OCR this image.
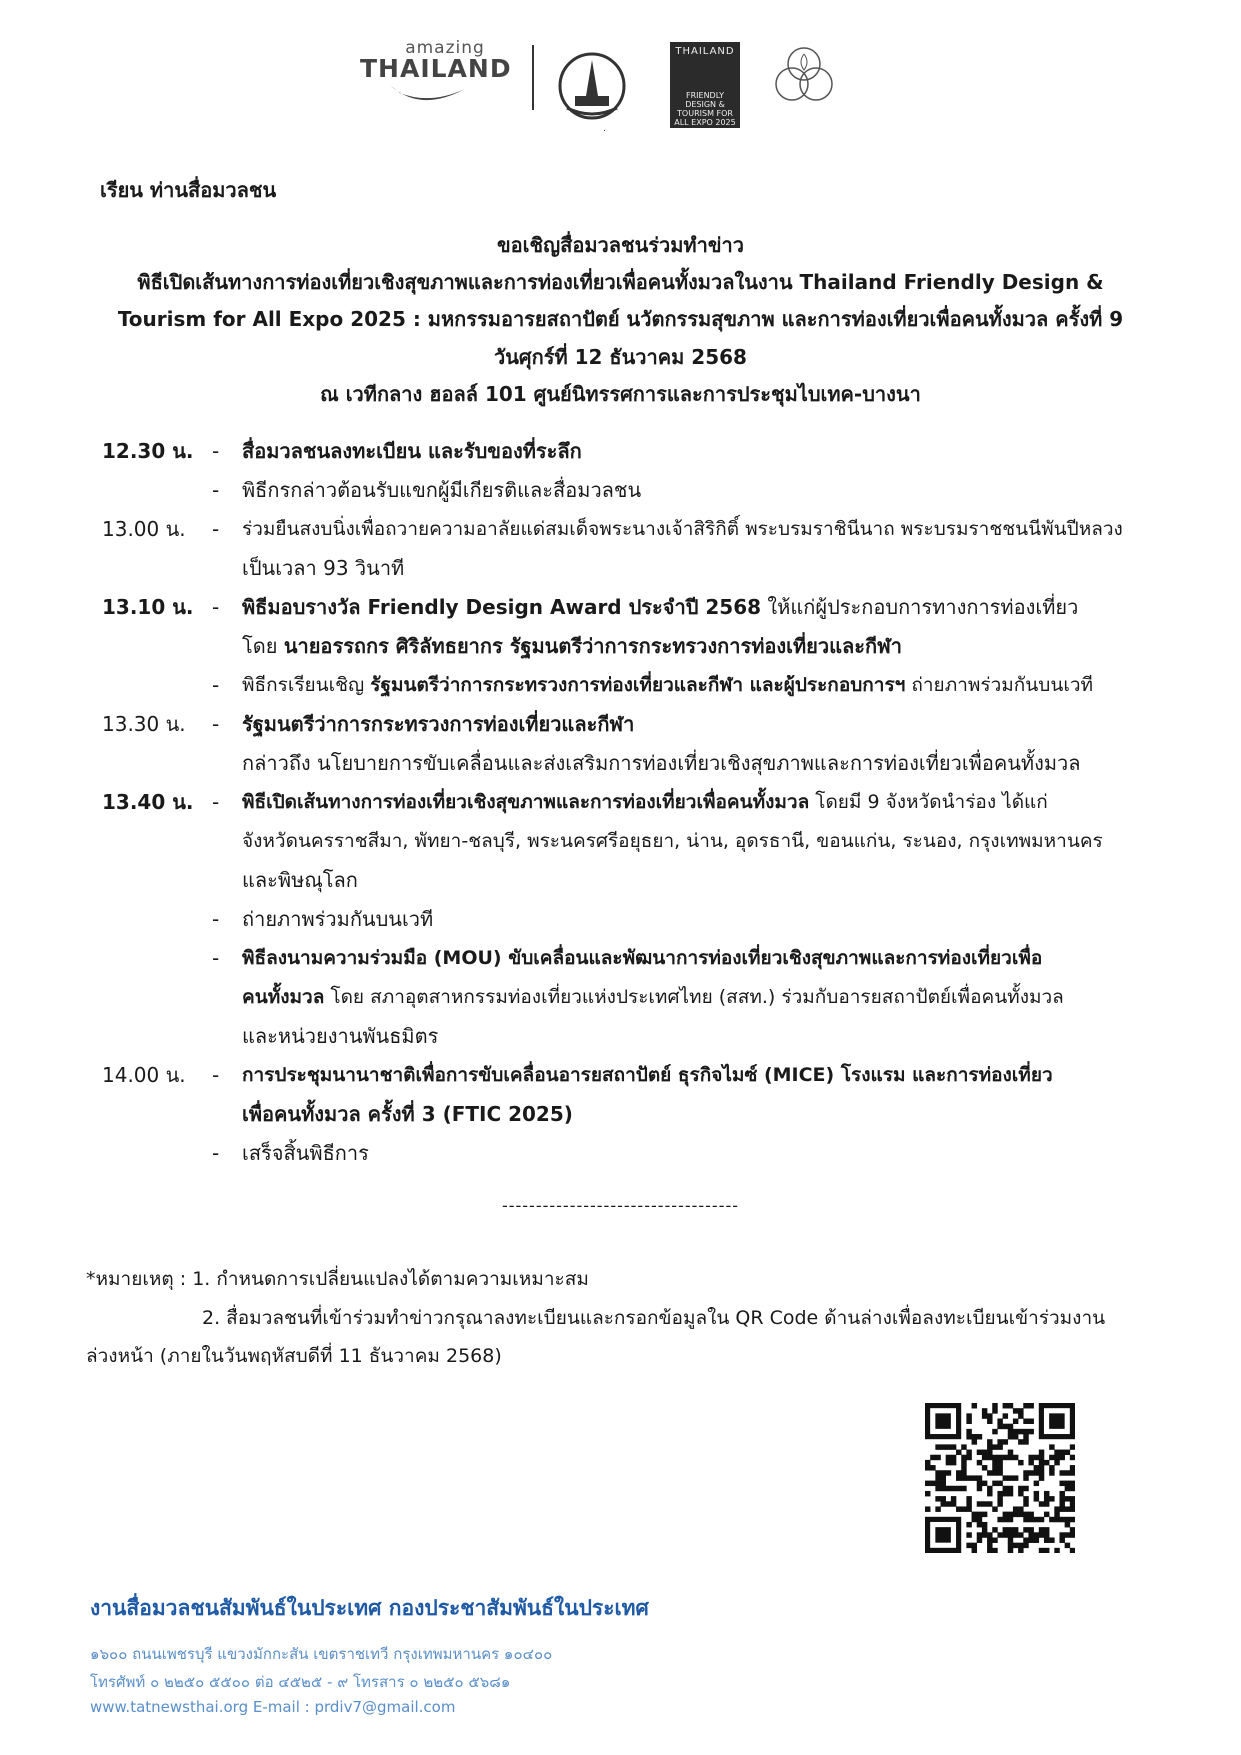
amazing
THAILAND
THAILAND
FRIENDLY DESIGN & TOURISM FOR ALL EXPO 2025
.
เรียน ท่านสื่อมวลชน
ขอเชิญสื่อมวลชนร่วมทำข่าว
พิธีเปิดเส้นทางการท่องเที่ยวเชิงสุขภาพและการท่องเที่ยวเพื่อคนทั้งมวลในงาน Thailand Friendly Design &
Tourism for All Expo 2025 : มหกรรมอารยสถาปัตย์ นวัตกรรมสุขภาพ และการท่องเที่ยวเพื่อคนทั้งมวล ครั้งที่ 9
วันศุกร์ที่ 12 ธันวาคม 2568
ณ เวทีกลาง ฮอลล์ 101 ศูนย์นิทรรศการและการประชุมไบเทค-บางนา
12.30 น. - สื่อมวลชนลงทะเบียน และรับของที่ระลึก
- พิธีกรกล่าวต้อนรับแขกผู้มีเกียรติและสื่อมวลชน
13.00 น. - ร่วมยืนสงบนิ่งเพื่อถวายความอาลัยแด่สมเด็จพระนางเจ้าสิริกิติ์ พระบรมราชินีนาถ พระบรมราชชนนีพันปีหลวง
เป็นเวลา 93 วินาที
13.10 น. - พิธีมอบรางวัล Friendly Design Award ประจำปี 2568 ให้แก่ผู้ประกอบการทางการท่องเที่ยว
โดย นายอรรถกร ศิริลัทธยากร รัฐมนตรีว่าการกระทรวงการท่องเที่ยวและกีฬา
- พิธีกรเรียนเชิญ รัฐมนตรีว่าการกระทรวงการท่องเที่ยวและกีฬา และผู้ประกอบการฯ ถ่ายภาพร่วมกันบนเวที
13.30 น. - รัฐมนตรีว่าการกระทรวงการท่องเที่ยวและกีฬา
กล่าวถึง นโยบายการขับเคลื่อนและส่งเสริมการท่องเที่ยวเชิงสุขภาพและการท่องเที่ยวเพื่อคนทั้งมวล
13.40 น. - พิธีเปิดเส้นทางการท่องเที่ยวเชิงสุขภาพและการท่องเที่ยวเพื่อคนทั้งมวล โดยมี 9 จังหวัดนำร่อง ได้แก่
จังหวัดนครราชสีมา, พัทยา-ชลบุรี, พระนครศรีอยุธยา, น่าน, อุดรธานี, ขอนแก่น, ระนอง, กรุงเทพมหานคร
และพิษณุโลก
- ถ่ายภาพร่วมกันบนเวที
- พิธีลงนามความร่วมมือ (MOU) ขับเคลื่อนและพัฒนาการท่องเที่ยวเชิงสุขภาพและการท่องเที่ยวเพื่อ
คนทั้งมวล โดย สภาอุตสาหกรรมท่องเที่ยวแห่งประเทศไทย (สสท.) ร่วมกับอารยสถาปัตย์เพื่อคนทั้งมวล
และหน่วยงานพันธมิตร
14.00 น. - การประชุมนานาชาติเพื่อการขับเคลื่อนอารยสถาปัตย์ ธุรกิจไมซ์ (MICE) โรงแรม และการท่องเที่ยว
เพื่อคนทั้งมวล ครั้งที่ 3 (FTIC 2025)
- เสร็จสิ้นพิธีการ
-----------------------------------
*หมายเหตุ : 1. กำหนดการเปลี่ยนแปลงได้ตามความเหมาะสม
2. สื่อมวลชนที่เข้าร่วมทำข่าวกรุณาลงทะเบียนและกรอกข้อมูลใน QR Code ด้านล่างเพื่อลงทะเบียนเข้าร่วมงาน
ล่วงหน้า (ภายในวันพฤหัสบดีที่ 11 ธันวาคม 2568)
งานสื่อมวลชนสัมพันธ์ในประเทศ กองประชาสัมพันธ์ในประเทศ
๑๖๐๐ ถนนเพชรบุรี แขวงมักกะสัน เขตราชเทวี กรุงเทพมหานคร ๑๐๔๐๐
โทรศัพท์ ๐ ๒๒๕๐ ๕๕๐๐ ต่อ ๔๕๒๕ - ๙ โทรสาร ๐ ๒๒๕๐ ๕๖๘๑
www.tatnewsthai.org E-mail : prdiv7@gmail.com
